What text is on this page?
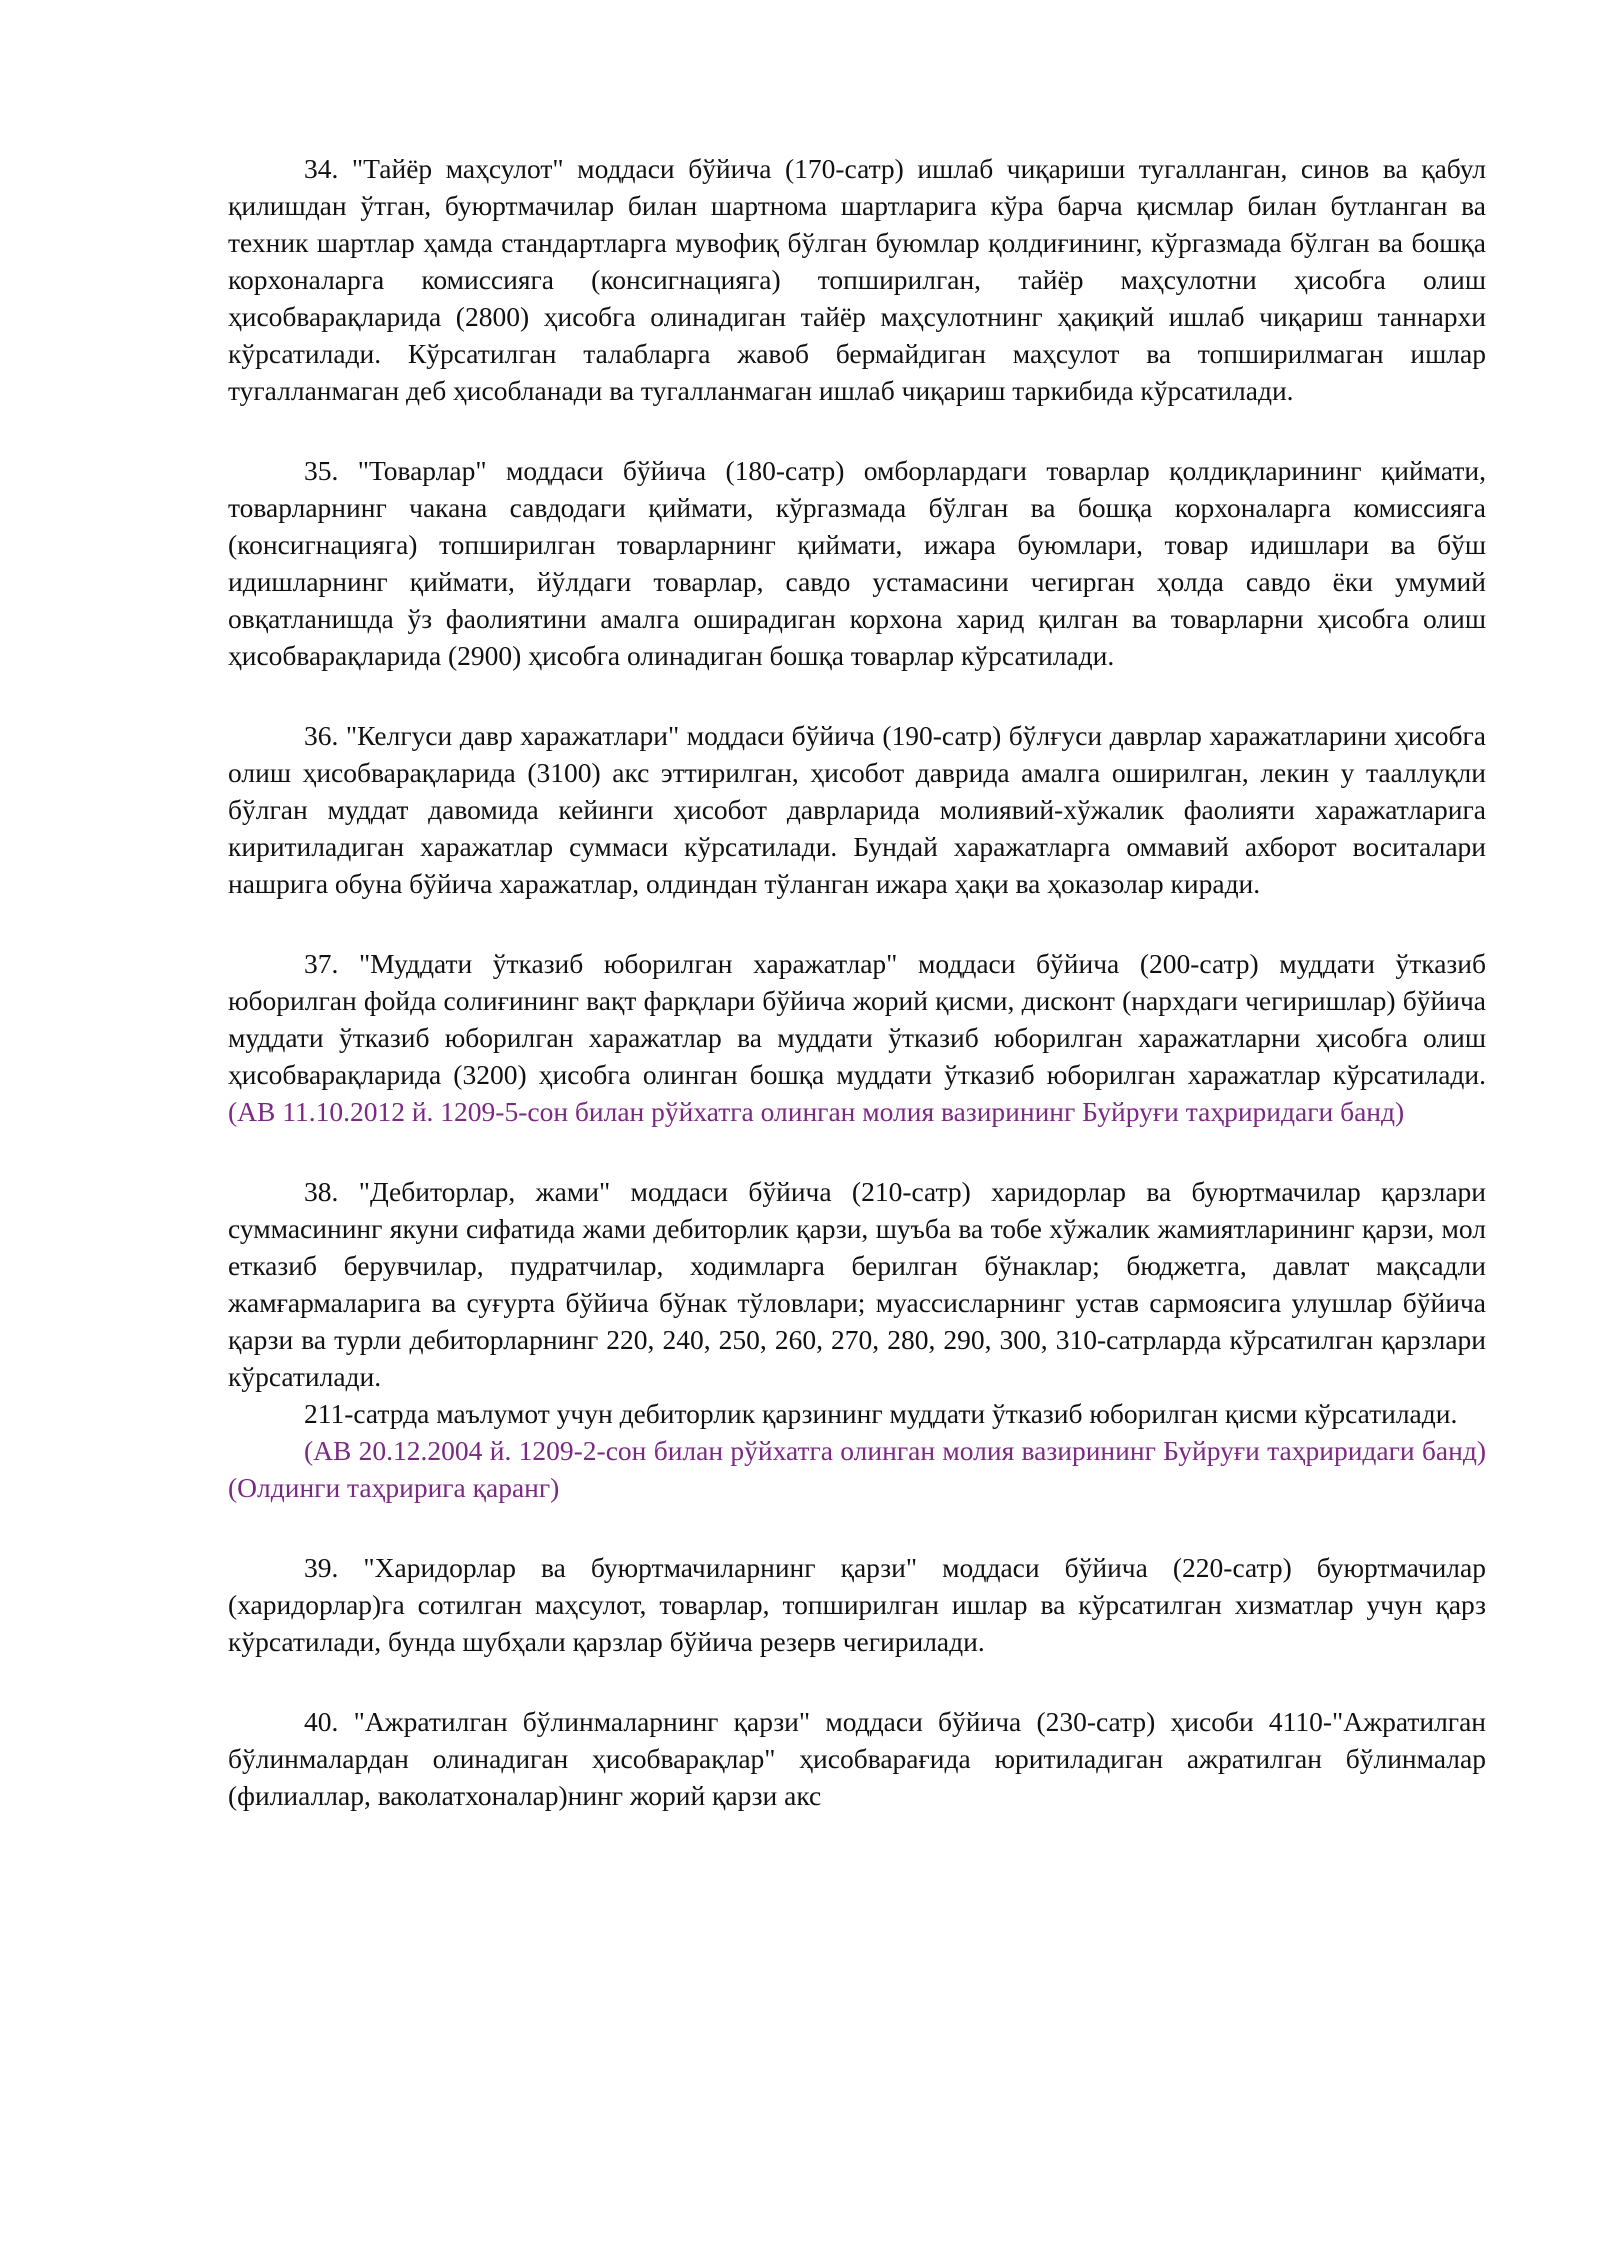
34. "Тайёр маҳсулот" моддаси бўйича (170-сатр) ишлаб чиқариши тугалланган, синов ва қабул қилишдан ўтган, буюртмачилар билан шартнома шартларига кўра барча қисмлар билан бутланган ва техник шартлар ҳамда стандартларга мувофиқ бўлган буюмлар қолдиғининг, кўргазмада бўлган ва бошқа корхоналарга комиссияга (консигнацияга) топширилган, тайёр маҳсулотни ҳисобга олиш ҳисобварақларида (2800) ҳисобга олинадиган тайёр маҳсулотнинг ҳақиқий ишлаб чиқариш таннархи кўрсатилади. Кўрсатилган талабларга жавоб бермайдиган маҳсулот ва топширилмаган ишлар тугалланмаган деб ҳисобланади ва тугалланмаган ишлаб чиқариш таркибида кўрсатилади.

35. "Товарлар" моддаси бўйича (180-сатр) омборлардаги товарлар қолдиқларининг қиймати, товарларнинг чакана савдодаги қиймати, кўргазмада бўлган ва бошқа корхоналарга комиссияга (консигнацияга) топширилган товарларнинг қиймати, ижара буюмлари, товар идишлари ва бўш идишларнинг қиймати, йўлдаги товарлар, савдо устамасини чегирган ҳолда савдо ёки умумий овқатланишда ўз фаолиятини амалга оширадиган корхона харид қилган ва товарларни ҳисобга олиш ҳисобварақларида (2900) ҳисобга олинадиган бошқа товарлар кўрсатилади.

36. "Келгуси давр харажатлари" моддаси бўйича (190-сатр) бўлғуси даврлар харажатларини ҳисобга олиш ҳисобварақларида (3100) акс эттирилган, ҳисобот даврида амалга оширилган, лекин у тааллуқли бўлган муддат давомида кейинги ҳисобот даврларида молиявий-хўжалик фаолияти харажатларига киритиладиган харажатлар суммаси кўрсатилади. Бундай харажатларга оммавий ахборот воситалари нашрига обуна бўйича харажатлар, олдиндан тўланган ижара ҳақи ва ҳоказолар киради.

37. "Муддати ўтказиб юборилган харажатлар" моддаси бўйича (200-сатр) муддати ўтказиб юборилган фойда солиғининг вақт фарқлари бўйича жорий қисми, дисконт (нархдаги чегиришлар) бўйича муддати ўтказиб юборилган харажатлар ва муддати ўтказиб юборилган харажатларни ҳисобга олиш ҳисобварақларида (3200) ҳисобга олинган бошқа муддати ўтказиб юборилган харажатлар кўрсатилади. (АВ 11.10.2012 й. 1209-5-сон билан рўйхатга олинган молия вазирининг Буйруғи таҳриридаги банд)

38. "Дебиторлар, жами" моддаси бўйича (210-сатр) харидорлар ва буюртмачилар қарзлари суммасининг якуни сифатида жами дебиторлик қарзи, шуъба ва тобе хўжалик жамиятларининг қарзи, мол етказиб берувчилар, пудратчилар, ходимларга берилган бўнаклар; бюджетга, давлат мақсадли жамғармаларига ва суғурта бўйича бўнак тўловлари; муассисларнинг устав сармоясига улушлар бўйича қарзи ва турли дебиторларнинг 220, 240, 250, 260, 270, 280, 290, 300, 310-сатрларда кўрсатилган қарзлари кўрсатилади.

211-сатрда маълумот учун дебиторлик қарзининг муддати ўтказиб юборилган қисми кўрсатилади.

(АВ 20.12.2004 й. 1209-2-сон билан рўйхатга олинган молия вазирининг Буйруғи таҳриридаги банд) (Олдинги таҳририга қаранг)

39. "Харидорлар ва буюртмачиларнинг қарзи" моддаси бўйича (220-сатр) буюртмачилар (харидорлар)га сотилган маҳсулот, товарлар, топширилган ишлар ва кўрсатилган хизматлар учун қарз кўрсатилади, бунда шубҳали қарзлар бўйича резерв чегирилади.

40. "Ажратилган бўлинмаларнинг қарзи" моддаси бўйича (230-сатр) ҳисоби 4110-"Ажратилган бўлинмалардан олинадиган ҳисобварақлар" ҳисобварағида юритиладиган ажратилган бўлинмалар (филиаллар, ваколатхоналар)нинг жорий қарзи акс
